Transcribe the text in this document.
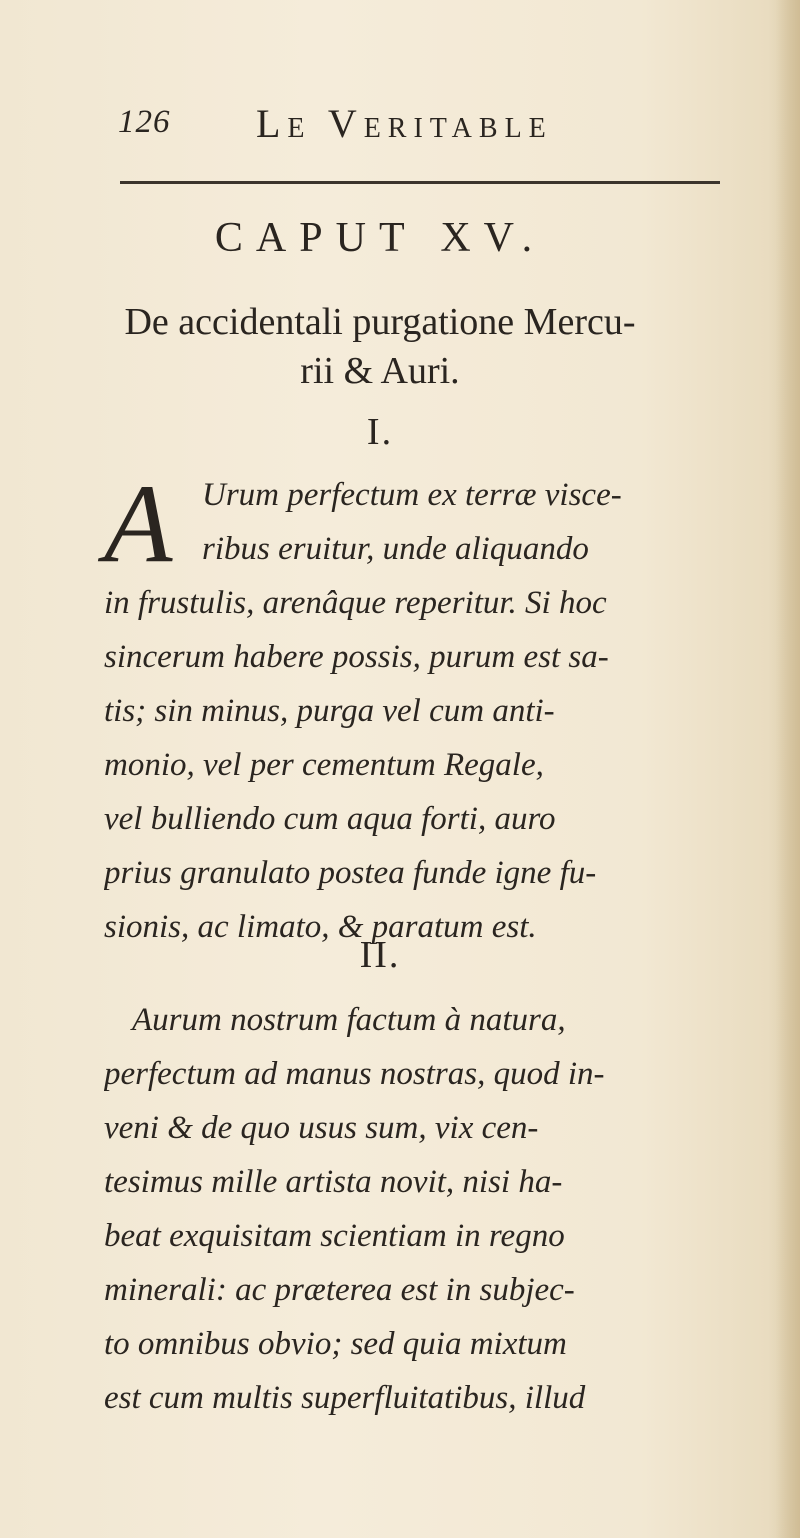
126 Le Veritable
CAPUT XV.
De accidentali purgatione Mercu-
rii & Auri.
I.
A Urum perfectum ex terræ visce-
ribus eruitur, unde aliquando
in frustulis, arenâque reperitur. Si hoc
sincerum habere possis, purum est sa-
tis; sin minus, purga vel cum anti-
monio, vel per cementum Regale,
vel bulliendo cum aqua forti, auro
prius granulato postea funde igne fu-
sionis, ac limato, & paratum est.
II.
Aurum nostrum factum à natura,
perfectum ad manus nostras, quod in-
veni & de quo usus sum, vix cen-
tesimus mille artista novit, nisi ha-
beat exquisitam scientiam in regno
minerali: ac præterea est in subjec-
to omnibus obvio; sed quia mixtum
est cum multis superfluitatibus, illud
